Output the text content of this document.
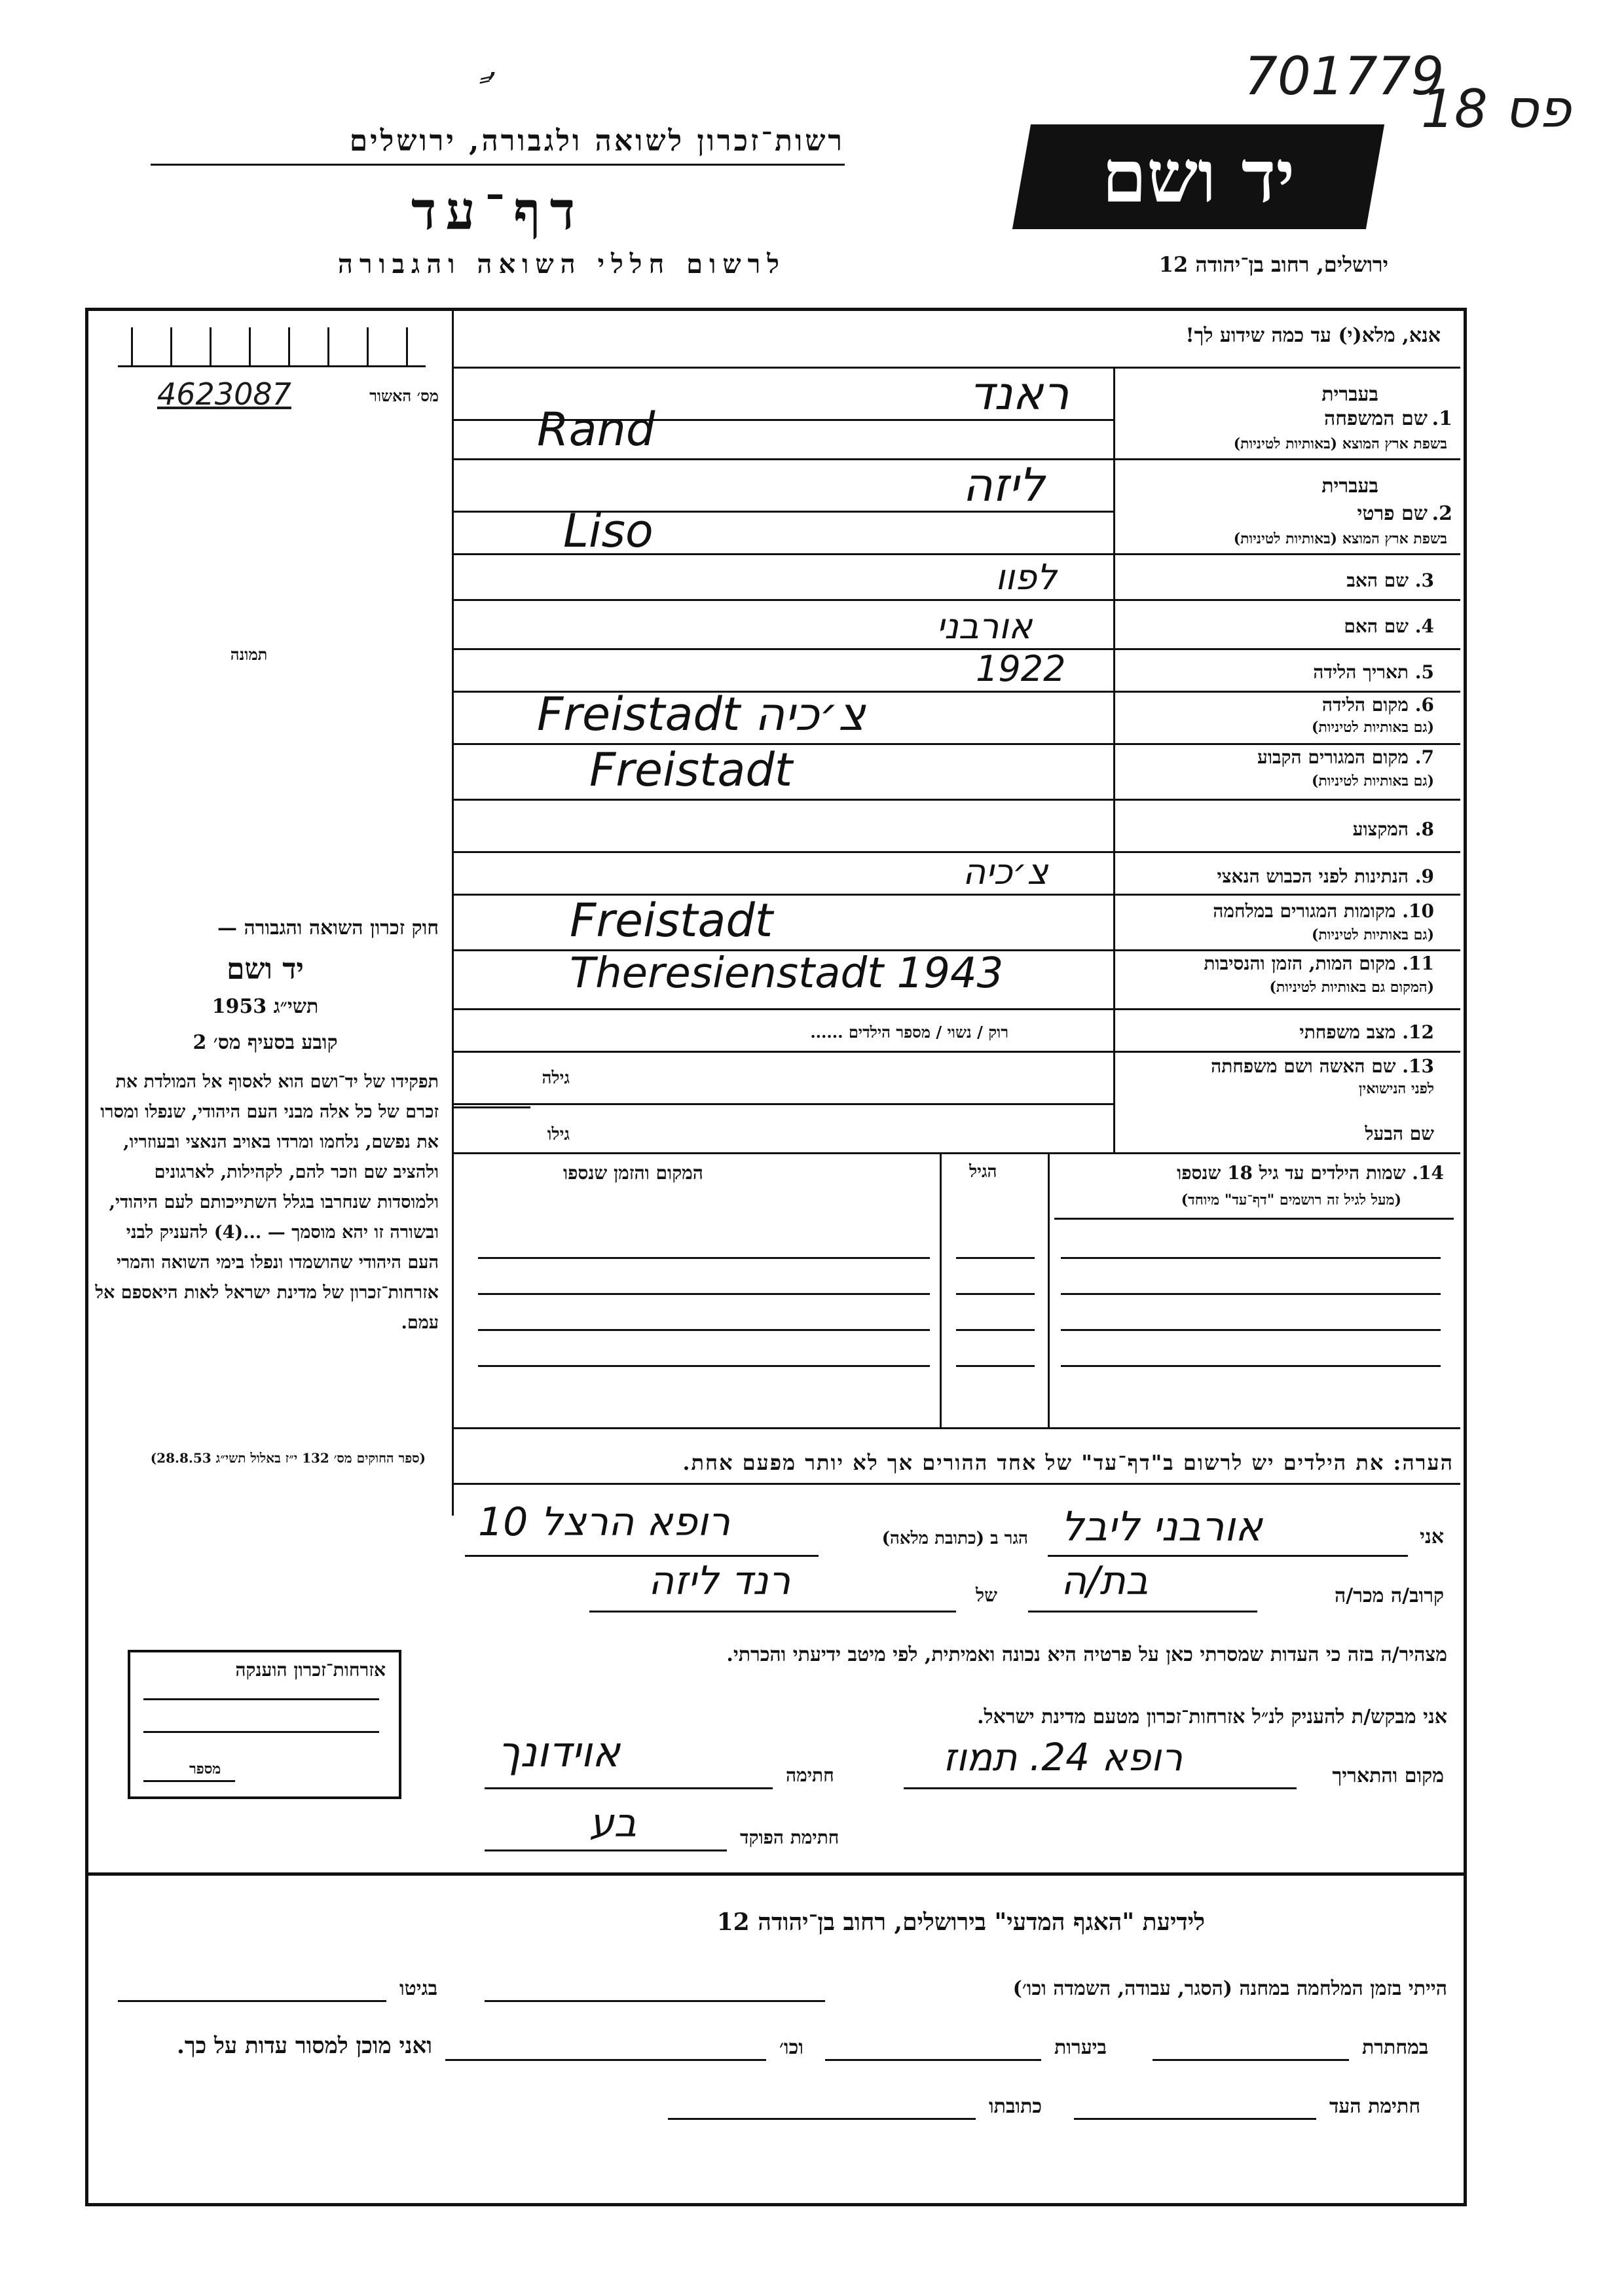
ٍ ‚	701779
פס 18
רשות־זכרון לשואה ולגבורה, ירושלים
דף־עד
לרשום חללי השואה והגבורה
יד ושם
ירושלים, רחוב בן־יהודה 12
אנא, מלא(י) עד כמה שידוע לך!
4623087	מס׳ האשור
תמונה
בעברית
1.
שם המשפחה
בשפת ארץ המוצא (באותיות לטיניות)
ראנד
Rand
בעברית
2.
שם פרטי
בשפת ארץ המוצא (באותיות לטיניות)
ליזה
Liso
3. שם האב
לפוו
4. שם האם
אורבני
5. תאריך הלידה
1922
6. מקום הלידה
(גם באותיות לטיניות)
Freistadt צ׳כיה
7. מקום המגורים הקבוע
(גם באותיות לטיניות)
Freistadt
8. המקצוע
9. הנתינות לפני הכבוש הנאצי
צ׳כיה
10. מקומות המגורים במלחמה
(גם באותיות לטיניות)
Freistadt
11. מקום המות, הזמן והנסיבות
(המקום גם באותיות לטיניות)
Theresienstadt 1943
12. מצב משפחתי
רוק / נשוי / מספר הילדים ......
13. שם האשה ושם משפחתה
לפני הנישואין
גילה
שם הבעל
גילו
14. שמות הילדים עד גיל 18 שנספו
(מעל לגיל זה רושמים "דף־עד" מיוחד)
הגיל
המקום והזמן שנספו
הערה: את הילדים יש לרשום ב"דף־עד" של אחד ההורים אך לא יותר מפעם אחת.
חוק זכרון השואה והגבורה —
יד ושם
תשי״ג 1953
קובע בסעיף מס׳ 2
תפקידו של יד־ושם הוא לאסוף אל המולדת את זכרם של כל אלה מבני העם היהודי, שנפלו ומסרו את נפשם, נלחמו ומרדו באויב הנאצי ובעוזריו, ולהציב שם וזכר להם, לקהילות, לארגונים ולמוסדות שנחרבו בגלל השתייכותם לעם היהודי, ובשורה זו יהא מוסמך — ...(4) להעניק לבני העם היהודי שהושמדו ונפלו בימי השואה והמרי אזרחות־זכרון של מדינת ישראל לאות היאספם אל עמם.
(ספר החוקים מס׳ 132 י״ז באלול תשי״ג 28.8.53)
אני
אורבני ליבל
הגר ב (כתובת מלאה)
רופא הרצל 10
קרוב/ה מכר/ה
בת/ה
של
רנד ליזה
מצהיר/ה בזה כי העדות שמסרתי כאן על פרטיה היא נכונה ואמיתית, לפי מיטב ידיעתי והכרתי.
אני מבקש/ת להעניק לנ״ל אזרחות־זכרון מטעם מדינת ישראל.
מקום והתאריך
רופא 24. תמוז
חתימה
אוידונך
חתימת הפוקד
בע
אזרחות־זכרון הוענקה
מספר
לידיעת "האגף המדעי" בירושלים, רחוב בן־יהודה 12
הייתי בזמן המלחמה במחנה (הסגר, עבודה, השמדה וכו׳)
בגיטו
במחתרת
ביערות
וכו׳
ואני מוכן למסור עדות על כך.
חתימת העד
כתובתו
